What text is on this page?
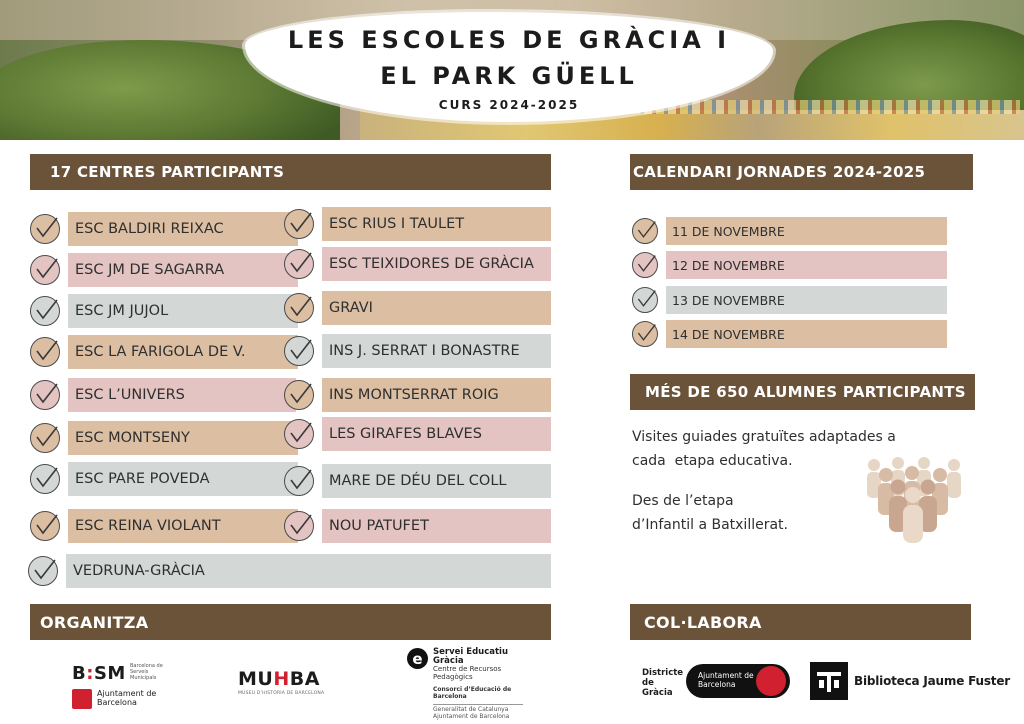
LES ESCOLES DE GRÀCIA I
EL PARK GÜELL
CURS 2024-2025
17 CENTRES PARTICIPANTS	CALENDARI JORNADES 2024-2025
MÉS DE 650 ALUMNES PARTICIPANTS
ORGANITZA	COL·LABORA
ESC BALDIRI REIXAC
ESC JM DE SAGARRA
ESC JM JUJOL
ESC LA FARIGOLA DE V.
ESC L’UNIVERS
ESC MONTSENY
ESC PARE POVEDA
ESC REINA VIOLANT
ESC RIUS I TAULET
ESC TEIXIDORES DE GRÀCIA
GRAVI
INS J. SERRAT I BONASTRE
INS MONTSERRAT ROIG
LES GIRAFES BLAVES
MARE DE DÉU DEL COLL
NOU PATUFET
VEDRUNA-GRÀCIA
11 DE NOVEMBRE
12 DE NOVEMBRE
13 DE NOVEMBRE
14 DE NOVEMBRE
Visites guiades gratuïtes adaptades a
cada  etapa educativa.
Des de l’etapa
d’Infantil a Batxillerat.
B:SM Barcelona de Serveis Municipals
Ajuntament de Barcelona
MUHBA
MUSEU D’HISTÒRIA DE BARCELONA
e	Servei Educatiu Gràcia
Centre de Recursos Pedagògics
Consorci d’Educació de Barcelona
Generalitat de Catalunya Ajuntament de Barcelona
Districte de Gràcia
Ajuntament de Barcelona	Biblioteca Jaume Fuster
